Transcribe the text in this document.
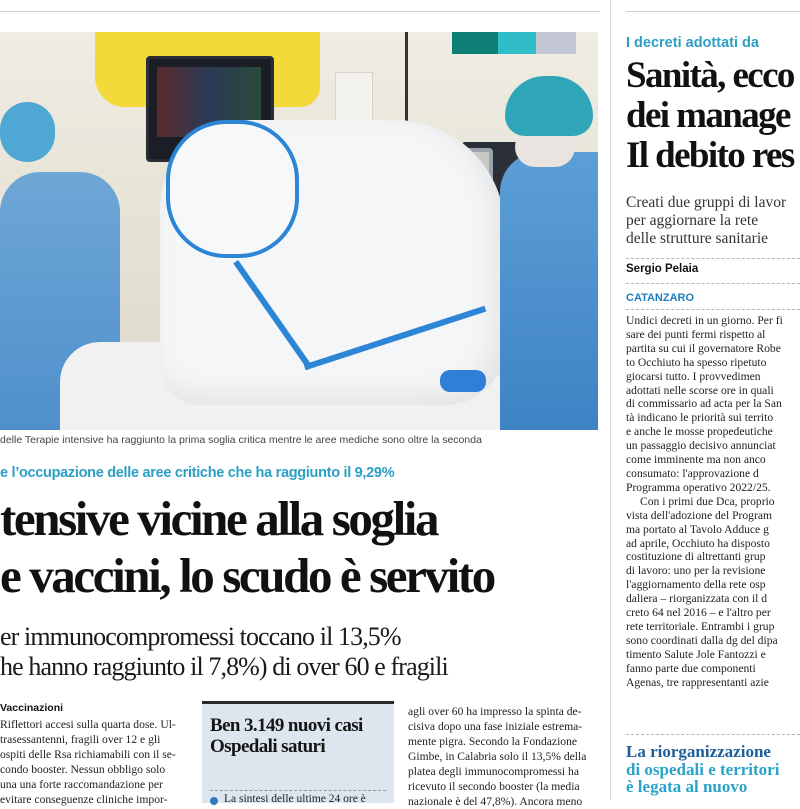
delle Terapie intensive ha raggiunto la prima soglia critica mentre le aree mediche sono oltre la seconda
e l’occupazione delle aree critiche che ha raggiunto il 9,29%
tensive vicine alla soglia
e vaccini, lo scudo è servito
er immunocompromessi toccano il 13,5%
he hanno raggiunto il 7,8%) di over 60 e fragili
Vaccinazioni
Riflettori accesi sulla quarta dose. Ul-
trasessantenni, fragili over 12 e gli
ospiti delle Rsa richiamabili con il se-
condo booster. Nessun obbligo solo
una una forte raccomandazione per
evitare conseguenze cliniche impor-
Ben 3.149 nuovi casi
Ospedali saturi
La sintesi delle ultime 24 ore è
agli over 60 ha impresso la spinta de-
cisiva dopo una fase iniziale estrema-
mente pigra. Secondo la Fondazione
Gimbe, in Calabria solo il 13,5% della
platea degli immunocompromessi ha
ricevuto il secondo booster (la media
nazionale è del 47,8%). Ancora meno
I decreti adottati da
Sanità, ecco
dei manage
Il debito res
Creati due gruppi di lavor
per aggiornare la rete
delle strutture sanitarie
Sergio Pelaia
CATANZARO
Undici decreti in un giorno. Per fi
sare dei punti fermi rispetto al
partita su cui il governatore Robe
to Occhiuto ha spesso ripetuto
giocarsi tutto. I provvedimen
adottati nelle scorse ore in quali
di commissario ad acta per la San
tà indicano le priorità sui territo
e anche le mosse propedeutiche
un passaggio decisivo annunciat
come imminente ma non anco
consumato: l'approvazione d
Programma operativo 2022/25.
Con i primi due Dca, proprio
vista dell'adozione del Program
ma portato al Tavolo Adduce g
ad aprile, Occhiuto ha disposto
costituzione di altrettanti grup
di lavoro: uno per la revisione
l'aggiornamento della rete osp
daliera – riorganizzata con il d
creto 64 nel 2016 – e l'altro per
rete territoriale. Entrambi i grup
sono coordinati dalla dg del dipa
timento Salute Jole Fantozzi e
fanno parte due componenti
Agenas, tre rappresentanti azie
La riorganizzazione
di ospedali e territori
è legata al nuovo
